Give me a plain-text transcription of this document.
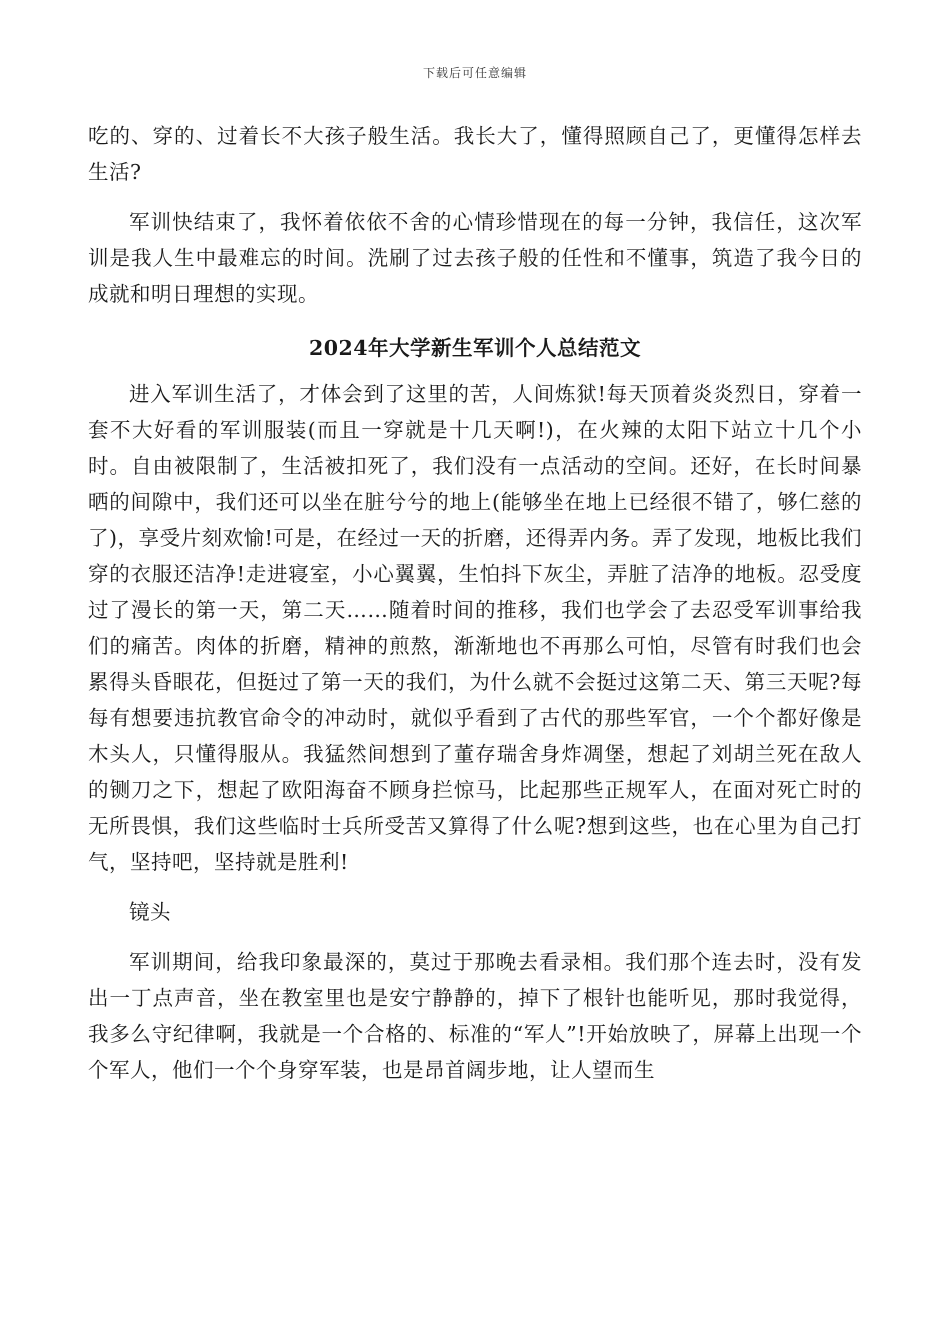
下载后可任意编辑

吃的、穿的、过着长不大孩子般生活。我长大了，懂得照顾自己了，更懂得怎样去生活?

军训快结束了，我怀着依依不舍的心情珍惜现在的每一分钟，我信任，这次军训是我人生中最难忘的时间。洗刷了过去孩子般的任性和不懂事，筑造了我今日的成就和明日理想的实现。

2024年大学新生军训个人总结范文

进入军训生活了，才体会到了这里的苦，人间炼狱!每天顶着炎炎烈日，穿着一套不大好看的军训服装(而且一穿就是十几天啊!)，在火辣的太阳下站立十几个小时。自由被限制了，生活被扣死了，我们没有一点活动的空间。还好，在长时间暴晒的间隙中，我们还可以坐在脏兮兮的地上(能够坐在地上已经很不错了，够仁慈的了)，享受片刻欢愉!可是，在经过一天的折磨，还得弄内务。弄了发现，地板比我们穿的衣服还洁净!走进寝室，小心翼翼，生怕抖下灰尘，弄脏了洁净的地板。忍受度过了漫长的第一天，第二天……随着时间的推移，我们也学会了去忍受军训事给我们的痛苦。肉体的折磨，精神的煎熬，渐渐地也不再那么可怕，尽管有时我们也会累得头昏眼花，但挺过了第一天的我们，为什么就不会挺过这第二天、第三天呢?每每有想要违抗教官命令的冲动时，就似乎看到了古代的那些军官，一个个都好像是木头人，只懂得服从。我猛然间想到了董存瑞舍身炸凋堡，想起了刘胡兰死在敌人的铡刀之下，想起了欧阳海奋不顾身拦惊马，比起那些正规军人，在面对死亡时的无所畏惧，我们这些临时士兵所受苦又算得了什么呢?想到这些，也在心里为自己打气，坚持吧，坚持就是胜利!

镜头

军训期间，给我印象最深的，莫过于那晚去看录相。我们那个连去时，没有发出一丁点声音，坐在教室里也是安宁静静的，掉下了根针也能听见，那时我觉得，我多么守纪律啊，我就是一个合格的、标准的“军人”!开始放映了，屏幕上出现一个个军人，他们一个个身穿军装，也是昂首阔步地，让人望而生
